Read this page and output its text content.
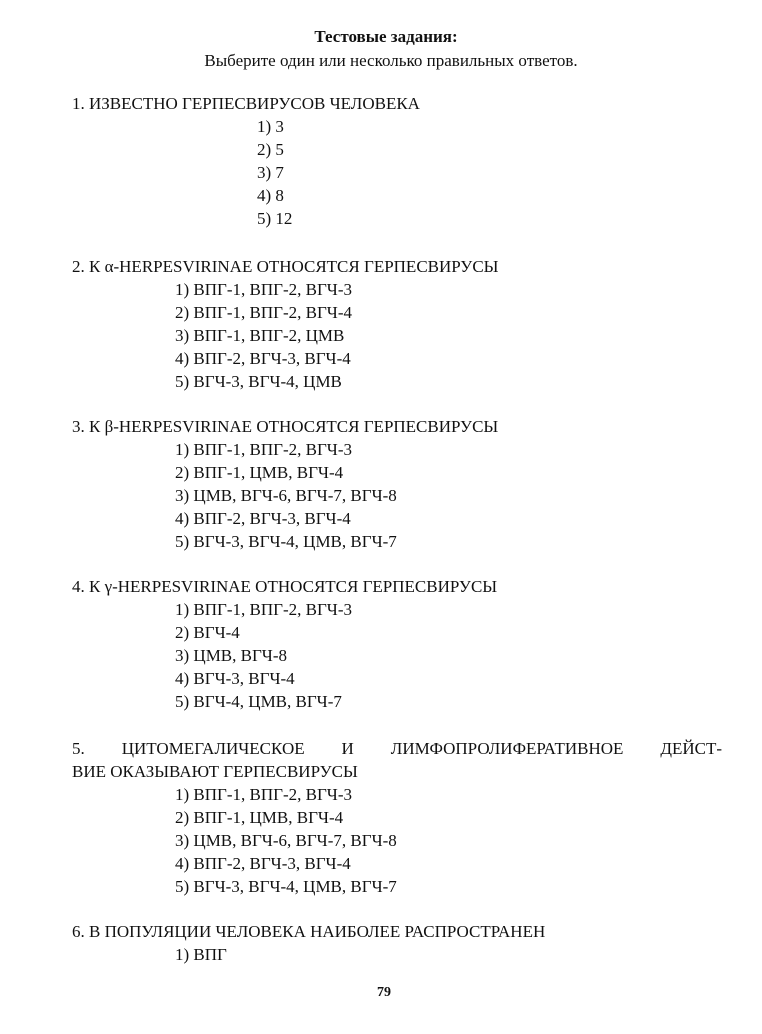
Тестовые задания:
Выберите один или несколько правильных ответов.
1. ИЗВЕСТНО ГЕРПЕСВИРУСОВ ЧЕЛОВЕКА
1) 3
2) 5
3) 7
4) 8
5) 12
2. К α-HERPESVIRINAE ОТНОСЯТСЯ ГЕРПЕСВИРУСЫ
1) ВПГ-1, ВПГ-2, ВГЧ-3
2) ВПГ-1, ВПГ-2, ВГЧ-4
3) ВПГ-1, ВПГ-2, ЦМВ
4) ВПГ-2, ВГЧ-3, ВГЧ-4
5) ВГЧ-3, ВГЧ-4, ЦМВ
3. К β-HERPESVIRINAE ОТНОСЯТСЯ ГЕРПЕСВИРУСЫ
1) ВПГ-1, ВПГ-2, ВГЧ-3
2) ВПГ-1, ЦМВ, ВГЧ-4
3) ЦМВ, ВГЧ-6, ВГЧ-7, ВГЧ-8
4) ВПГ-2, ВГЧ-3, ВГЧ-4
5) ВГЧ-3, ВГЧ-4, ЦМВ, ВГЧ-7
4. К γ-HERPESVIRINAE ОТНОСЯТСЯ ГЕРПЕСВИРУСЫ
1) ВПГ-1, ВПГ-2, ВГЧ-3
2) ВГЧ-4
3) ЦМВ, ВГЧ-8
4) ВГЧ-3, ВГЧ-4
5) ВГЧ-4, ЦМВ, ВГЧ-7
5. ЦИТОМЕГАЛИЧЕСКОЕ И ЛИМФОПРОЛИФЕРАТИВНОЕ ДЕЙСТ-
ВИЕ ОКАЗЫВАЮТ ГЕРПЕСВИРУСЫ
1) ВПГ-1, ВПГ-2, ВГЧ-3
2) ВПГ-1, ЦМВ, ВГЧ-4
3) ЦМВ, ВГЧ-6, ВГЧ-7, ВГЧ-8
4) ВПГ-2, ВГЧ-3, ВГЧ-4
5) ВГЧ-3, ВГЧ-4, ЦМВ, ВГЧ-7
6. В ПОПУЛЯЦИИ ЧЕЛОВЕКА НАИБОЛЕЕ РАСПРОСТРАНЕН
1) ВПГ
79
